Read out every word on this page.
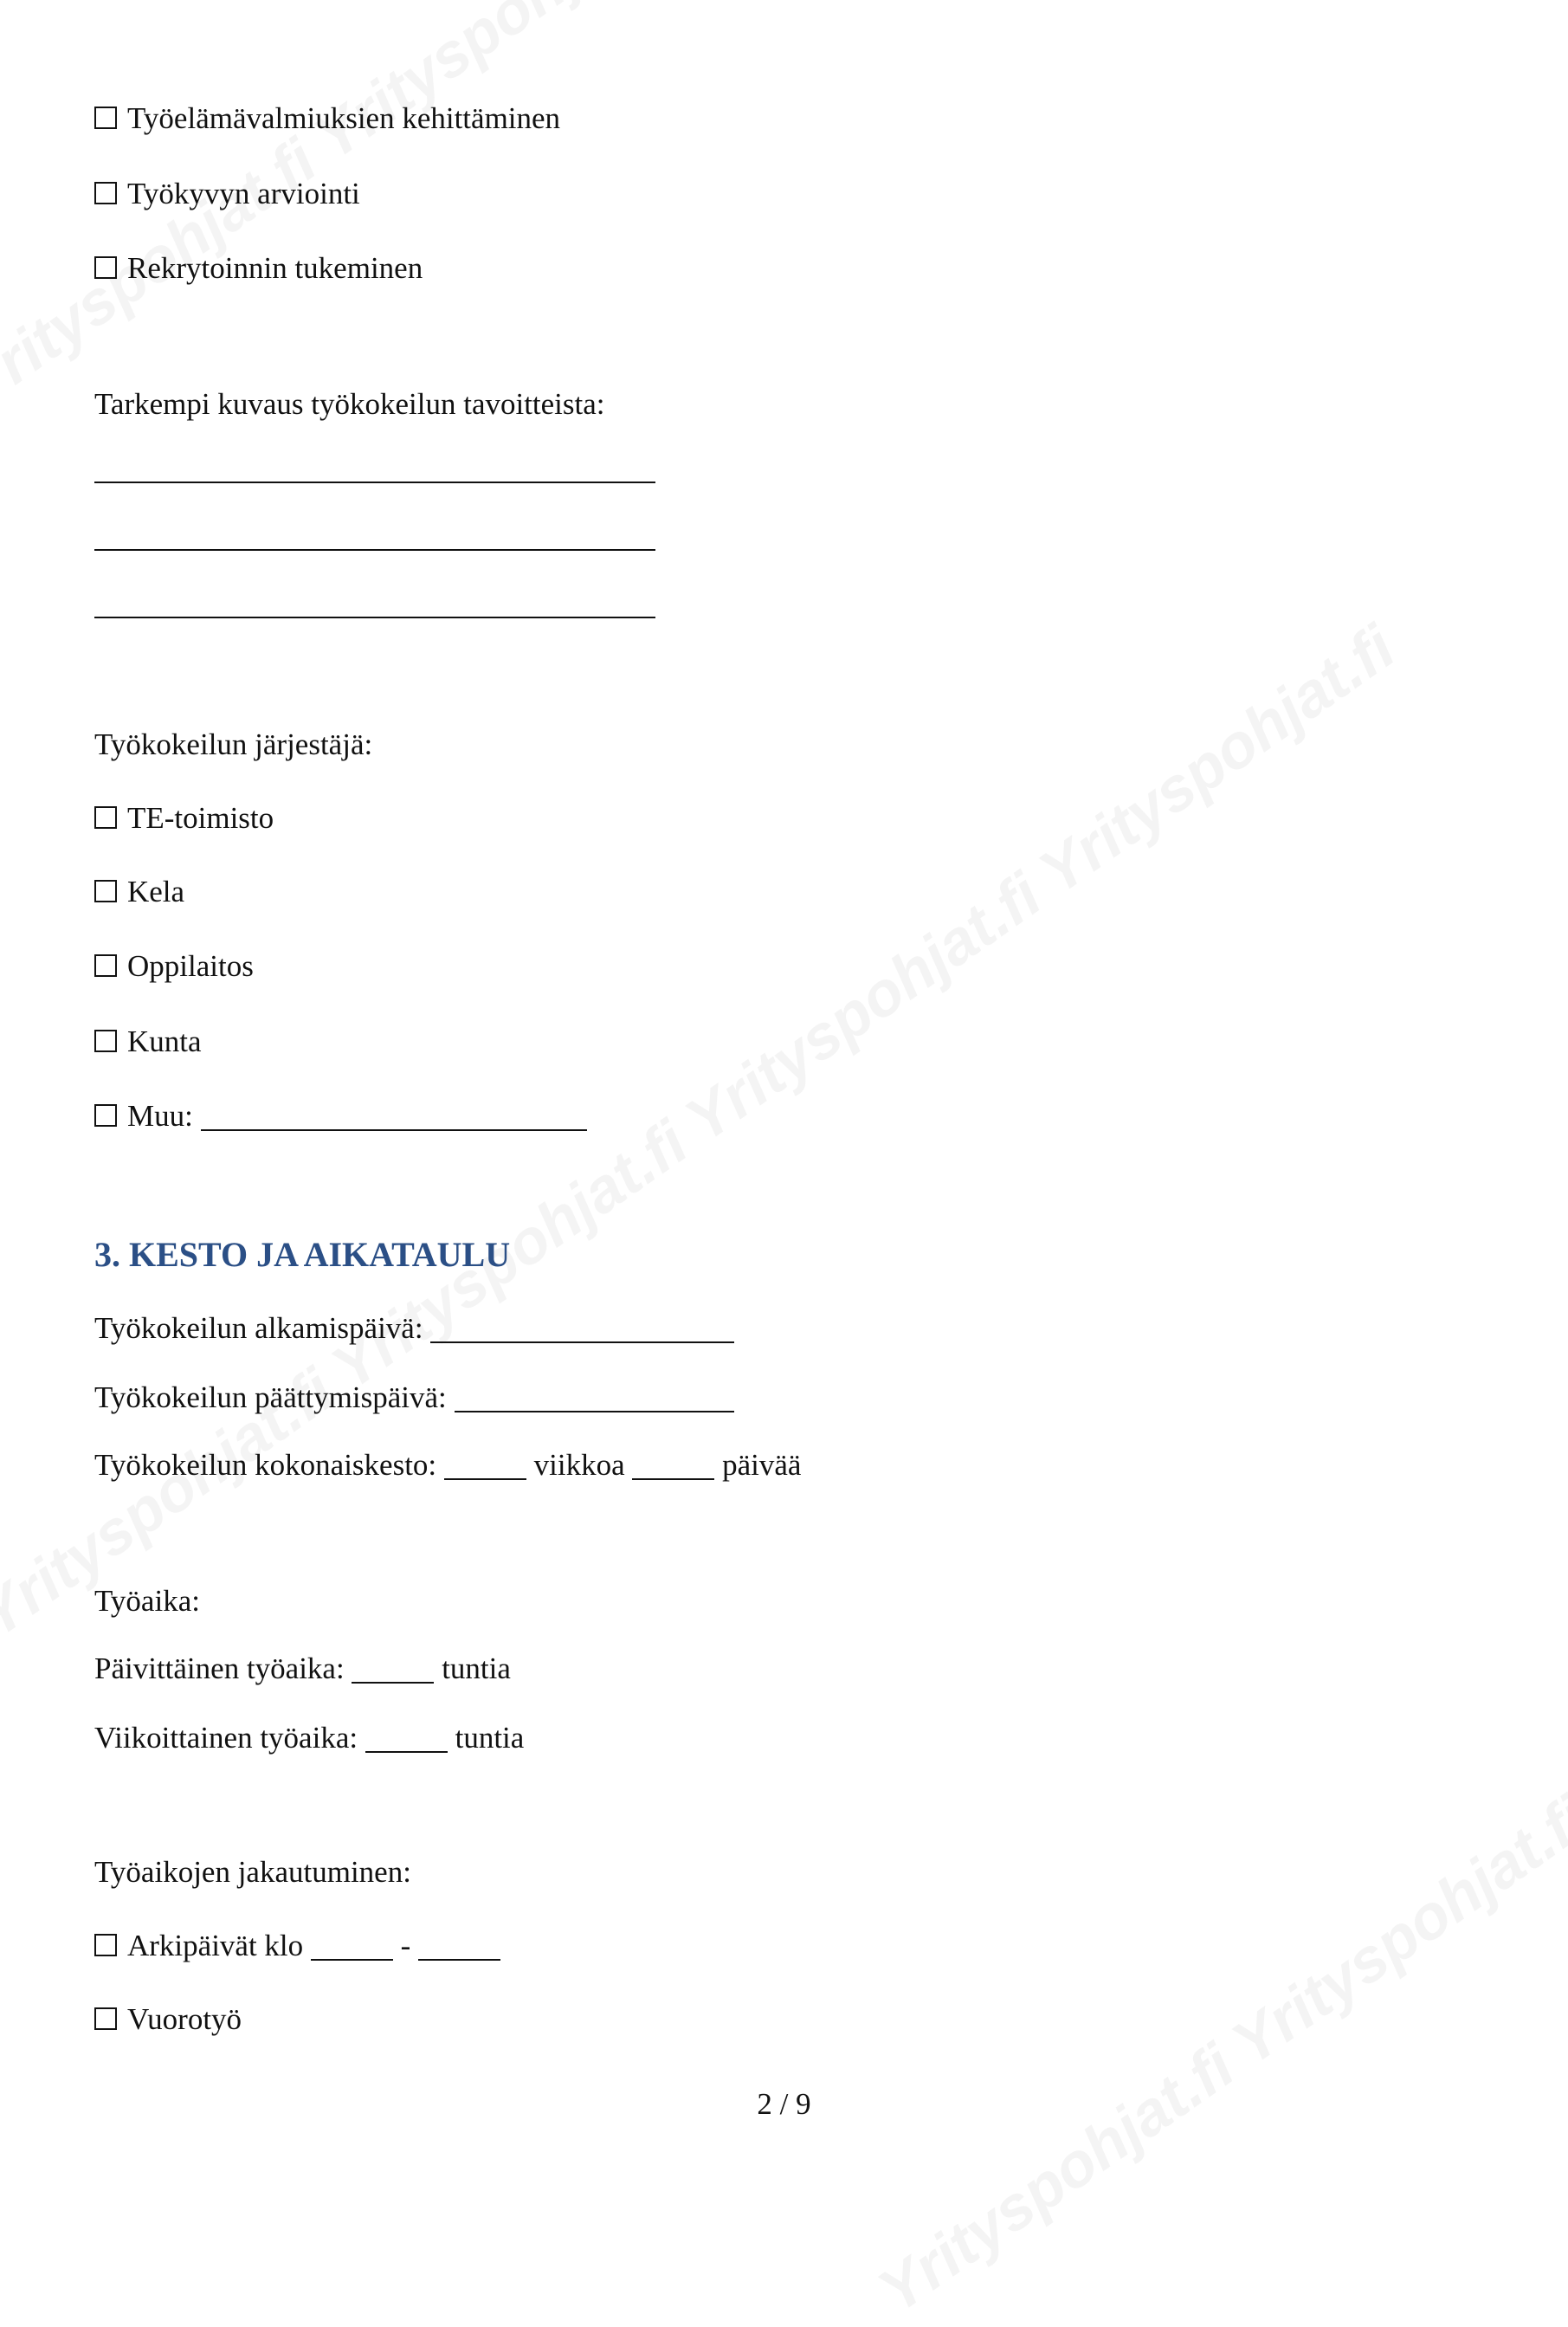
Työelämävalmiuksien kehittäminen
Työkyvyn arviointi
Rekrytoinnin tukeminen
Tarkempi kuvaus työkokeilun tavoitteista:
Työkokeilun järjestäjä:
TE-toimisto
Kela
Oppilaitos
Kunta
Muu:
3. KESTO JA AIKATAULU
Työkokeilun alkamispäivä:
Työkokeilun päättymispäivä:
Työkokeilun kokonaiskesto:	viikkoa	päivää
Työaika:
Päivittäinen työaika:	tuntia
Viikoittainen työaika:	tuntia
Työaikojen jakautuminen:
Arkipäivät klo	-
Vuorotyö
2 / 9
